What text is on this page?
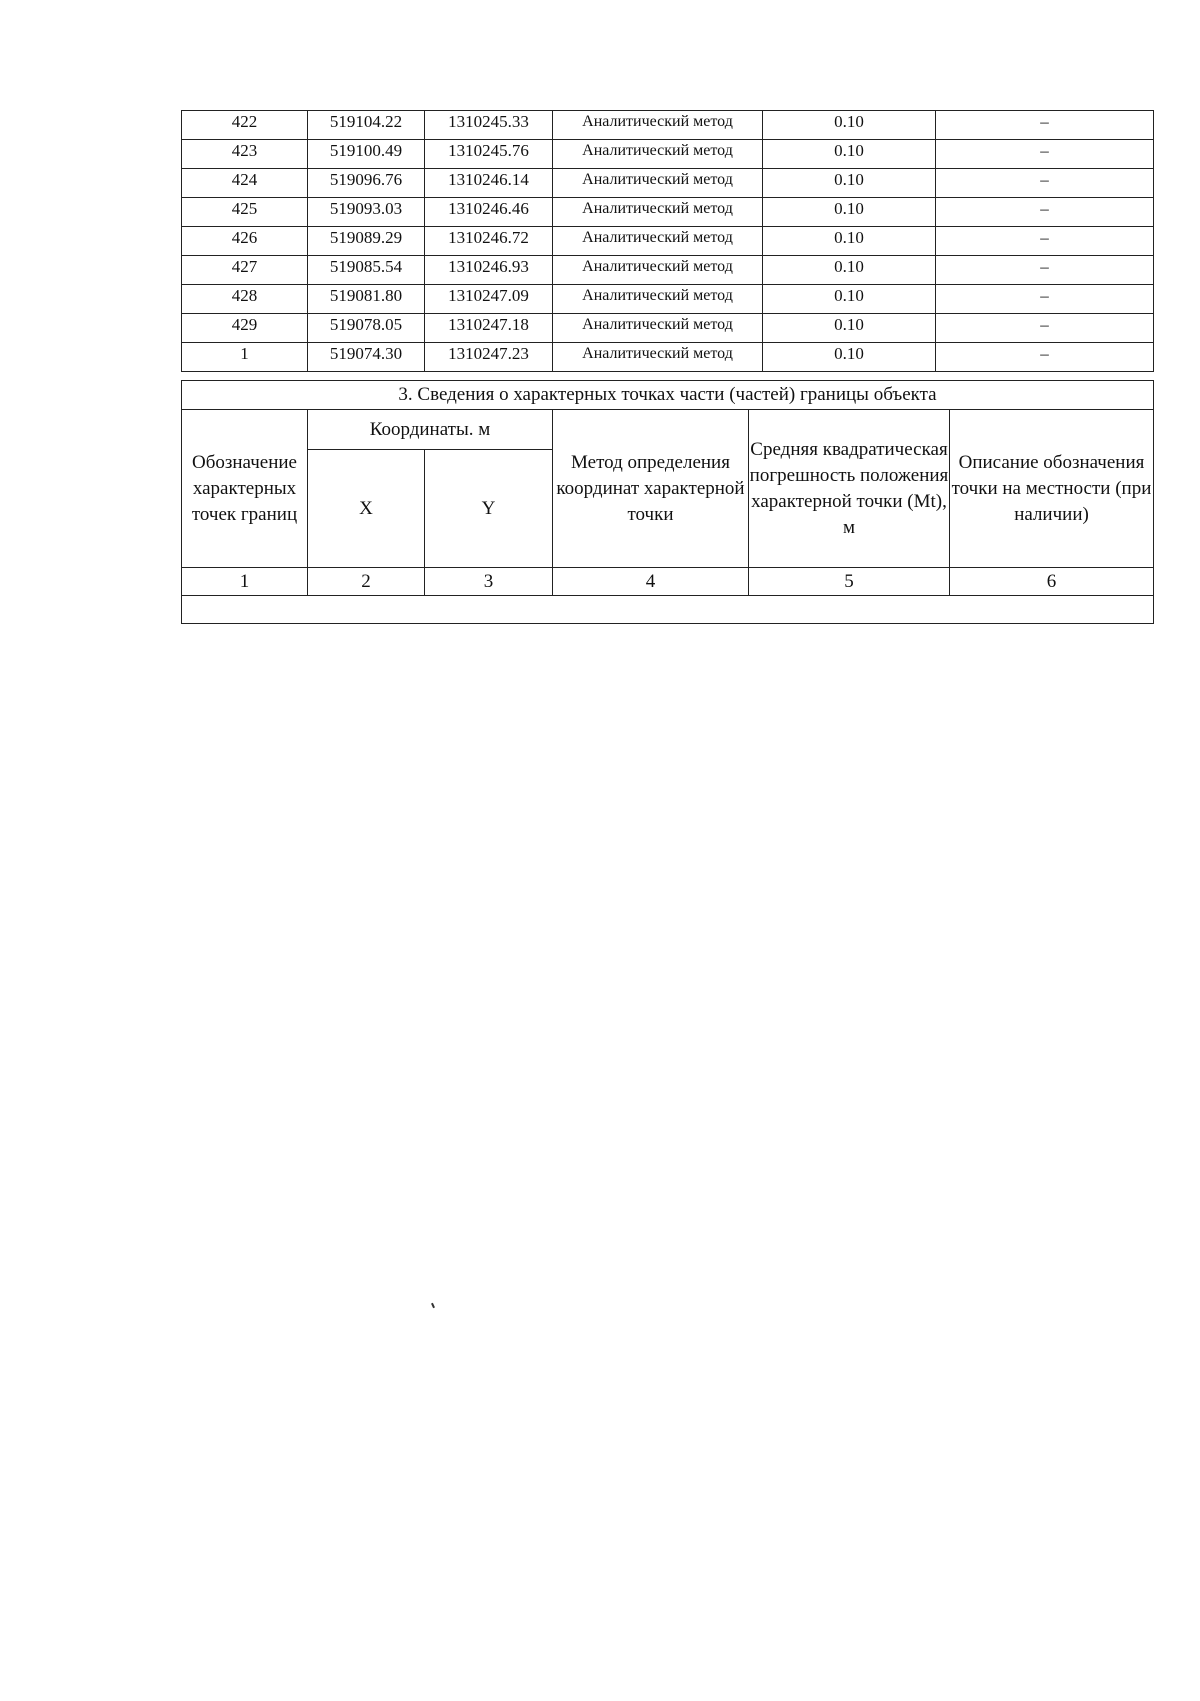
422	519104.22	1310245.33	Аналитический метод	0.10	–
423	519100.49	1310245.76	Аналитический метод	0.10	–
424	519096.76	1310246.14	Аналитический метод	0.10	–
425	519093.03	1310246.46	Аналитический метод	0.10	–
426	519089.29	1310246.72	Аналитический метод	0.10	–
427	519085.54	1310246.93	Аналитический метод	0.10	–
428	519081.80	1310247.09	Аналитический метод	0.10	–
429	519078.05	1310247.18	Аналитический метод	0.10	–
1	519074.30	1310247.23	Аналитический метод	0.10	–
3. Сведения о характерных точках части (частей) границы объекта					
Обозначение характерных точек границ	Координаты. м		Метод определения координат характерной точки	Средняя квадратическая погрешность положения характерной точки (Mt), м	Описание обозначения точки на местности (при наличии)
	X	Y			
1	2	3	4	5	6
